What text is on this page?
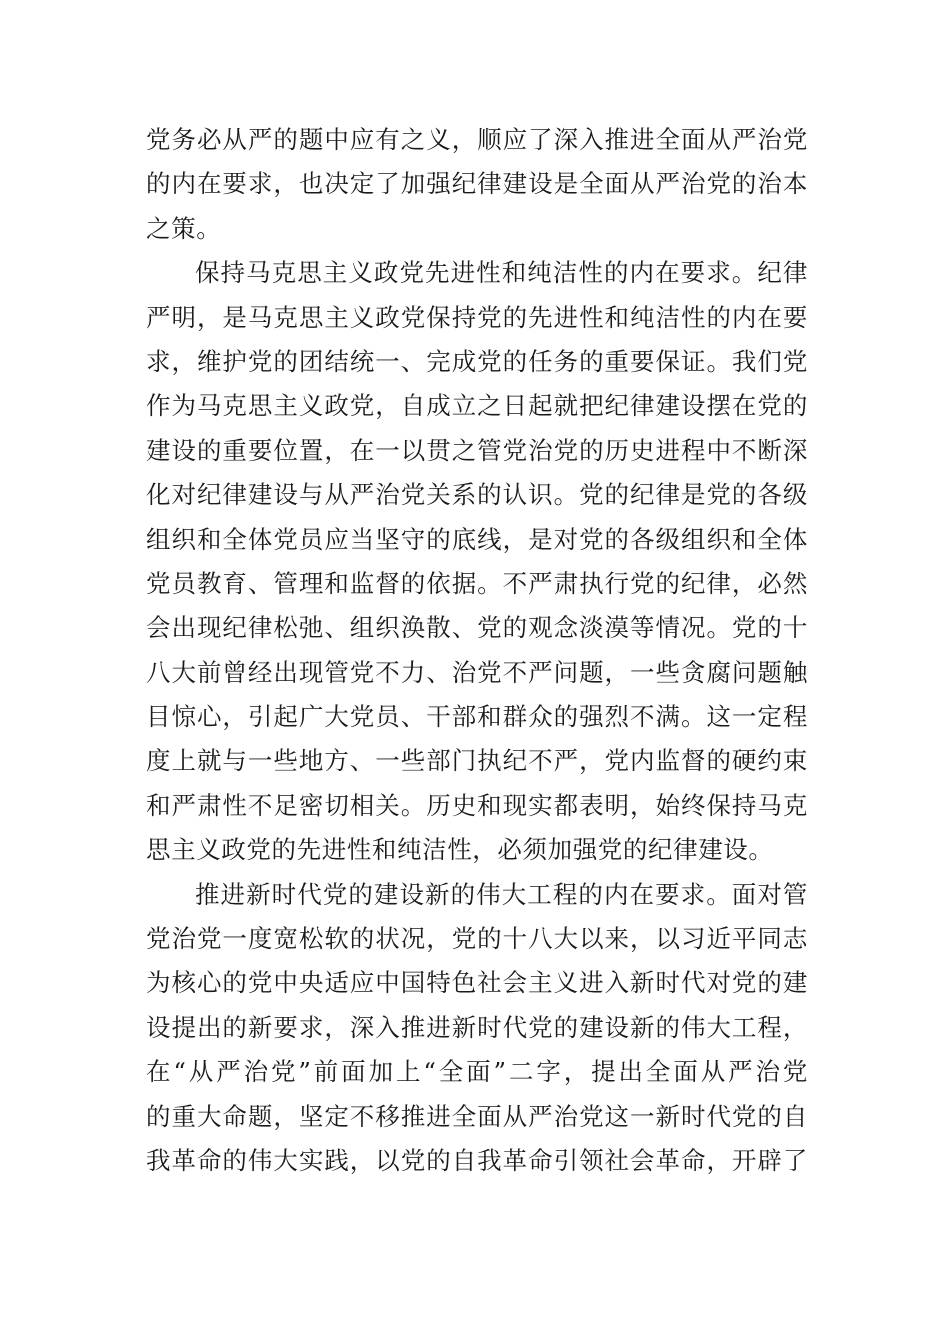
党务必从严的题中应有之义，顺应了深入推进全面从严治党
的内在要求，也决定了加强纪律建设是全面从严治党的治本
之策。
保持马克思主义政党先进性和纯洁性的内在要求。纪律
严明，是马克思主义政党保持党的先进性和纯洁性的内在要
求，维护党的团结统一、完成党的任务的重要保证。我们党
作为马克思主义政党，自成立之日起就把纪律建设摆在党的
建设的重要位置，在一以贯之管党治党的历史进程中不断深
化对纪律建设与从严治党关系的认识。党的纪律是党的各级
组织和全体党员应当坚守的底线，是对党的各级组织和全体
党员教育、管理和监督的依据。不严肃执行党的纪律，必然
会出现纪律松弛、组织涣散、党的观念淡漠等情况。党的十
八大前曾经出现管党不力、治党不严问题，一些贪腐问题触
目惊心，引起广大党员、干部和群众的强烈不满。这一定程
度上就与一些地方、一些部门执纪不严，党内监督的硬约束
和严肃性不足密切相关。历史和现实都表明，始终保持马克
思主义政党的先进性和纯洁性，必须加强党的纪律建设。
推进新时代党的建设新的伟大工程的内在要求。面对管
党治党一度宽松软的状况，党的十八大以来，以习近平同志
为核心的党中央适应中国特色社会主义进入新时代对党的建
设提出的新要求，深入推进新时代党的建设新的伟大工程，
在“从严治党”前面加上“全面”二字，提出全面从严治党
的重大命题，坚定不移推进全面从严治党这一新时代党的自
我革命的伟大实践，以党的自我革命引领社会革命，开辟了
